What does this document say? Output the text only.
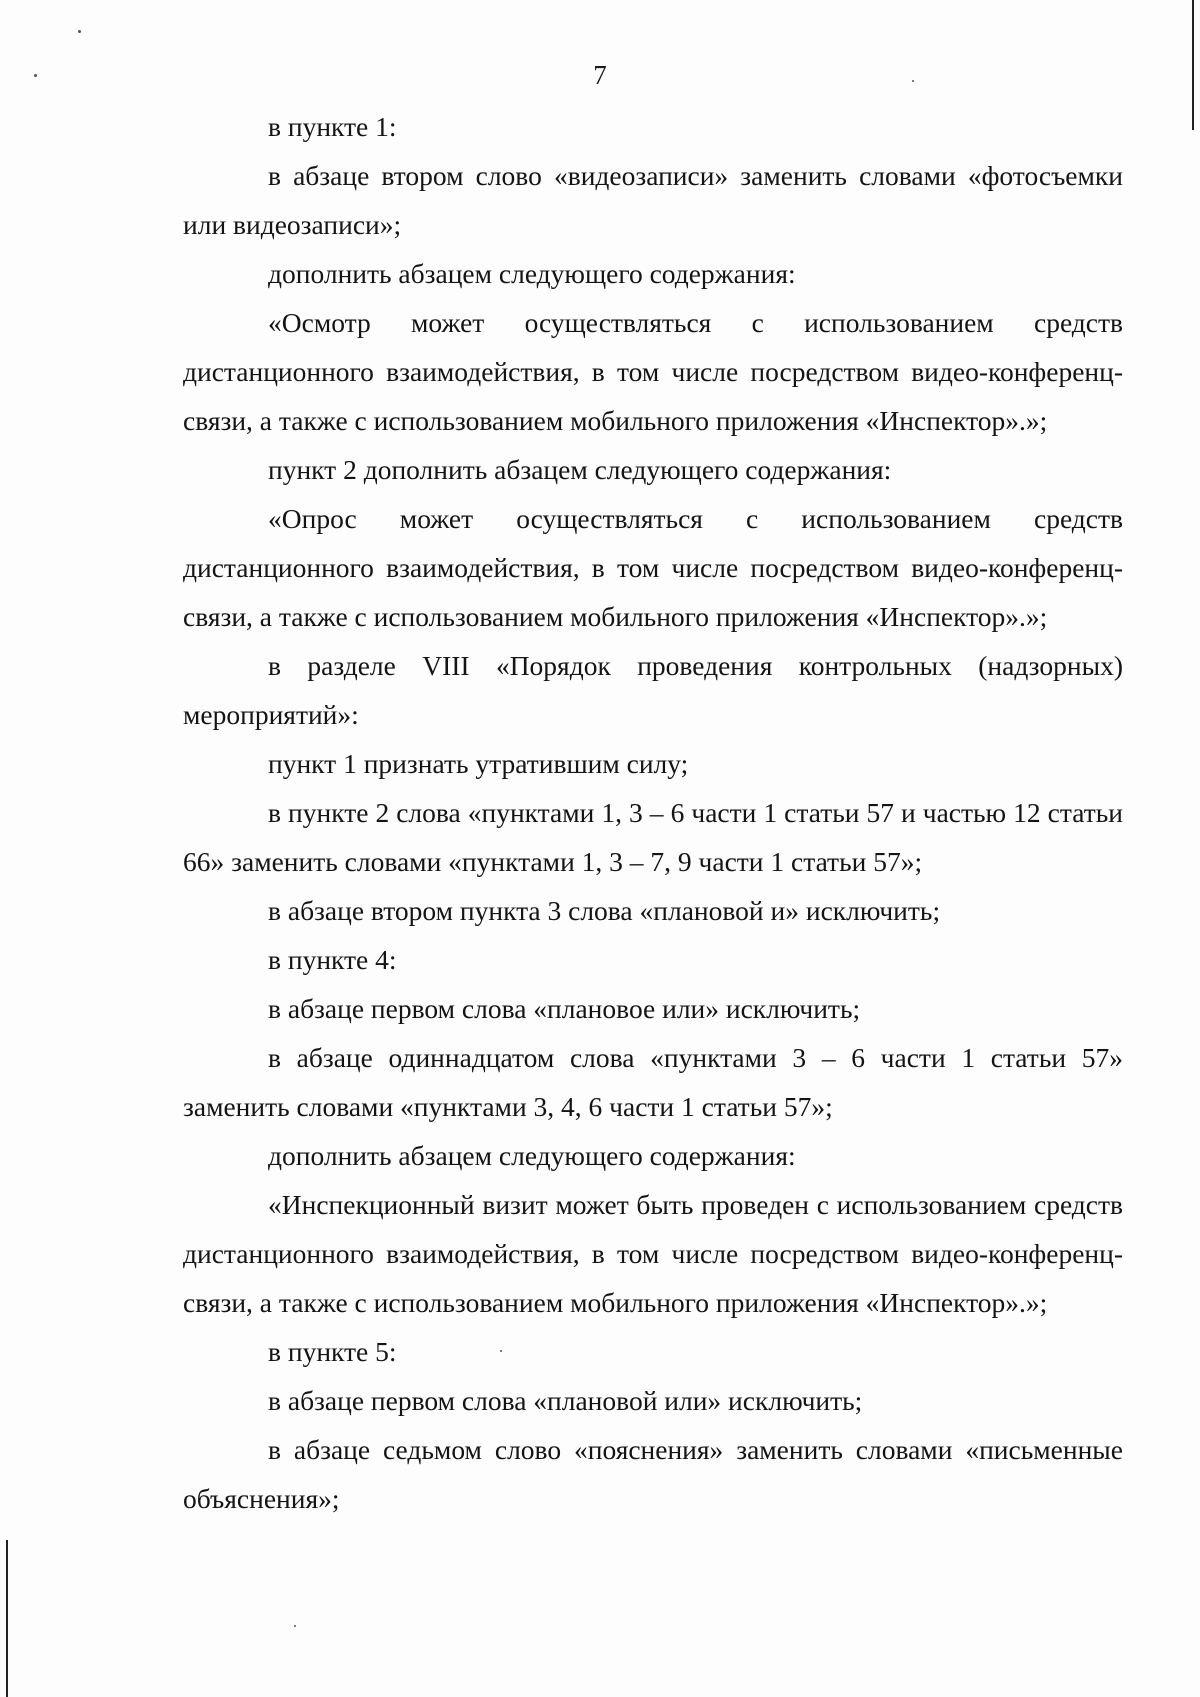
7

в пункте 1:

в абзаце втором слово «видеозаписи» заменить словами «фотосъемки или видеозаписи»;

дополнить абзацем следующего содержания:

«Осмотр может осуществляться с использованием средств дистанционного взаимодействия, в том числе посредством видео-конференц-связи, а также с использованием мобильного приложения «Инспектор».»;

пункт 2 дополнить абзацем следующего содержания:

«Опрос может осуществляться с использованием средств дистанционного взаимодействия, в том числе посредством видео-конференц-связи, а также с использованием мобильного приложения «Инспектор».»;

в разделе VIII «Порядок проведения контрольных (надзорных) мероприятий»:

пункт 1 признать утратившим силу;

в пункте 2 слова «пунктами 1, 3 – 6 части 1 статьи 57 и частью 12 статьи 66» заменить словами «пунктами 1, 3 – 7, 9 части 1 статьи 57»;

в абзаце втором пункта 3 слова «плановой и» исключить;

в пункте 4:

в абзаце первом слова «плановое или» исключить;

в абзаце одиннадцатом слова «пунктами 3 – 6 части 1 статьи 57» заменить словами «пунктами 3, 4, 6 части 1 статьи 57»;

дополнить абзацем следующего содержания:

«Инспекционный визит может быть проведен с использованием средств дистанционного взаимодействия, в том числе посредством видео-конференц-связи, а также с использованием мобильного приложения «Инспектор».»;

в пункте 5:

в абзаце первом слова «плановой или» исключить;

в абзаце седьмом слово «пояснения» заменить словами «письменные объяснения»;
